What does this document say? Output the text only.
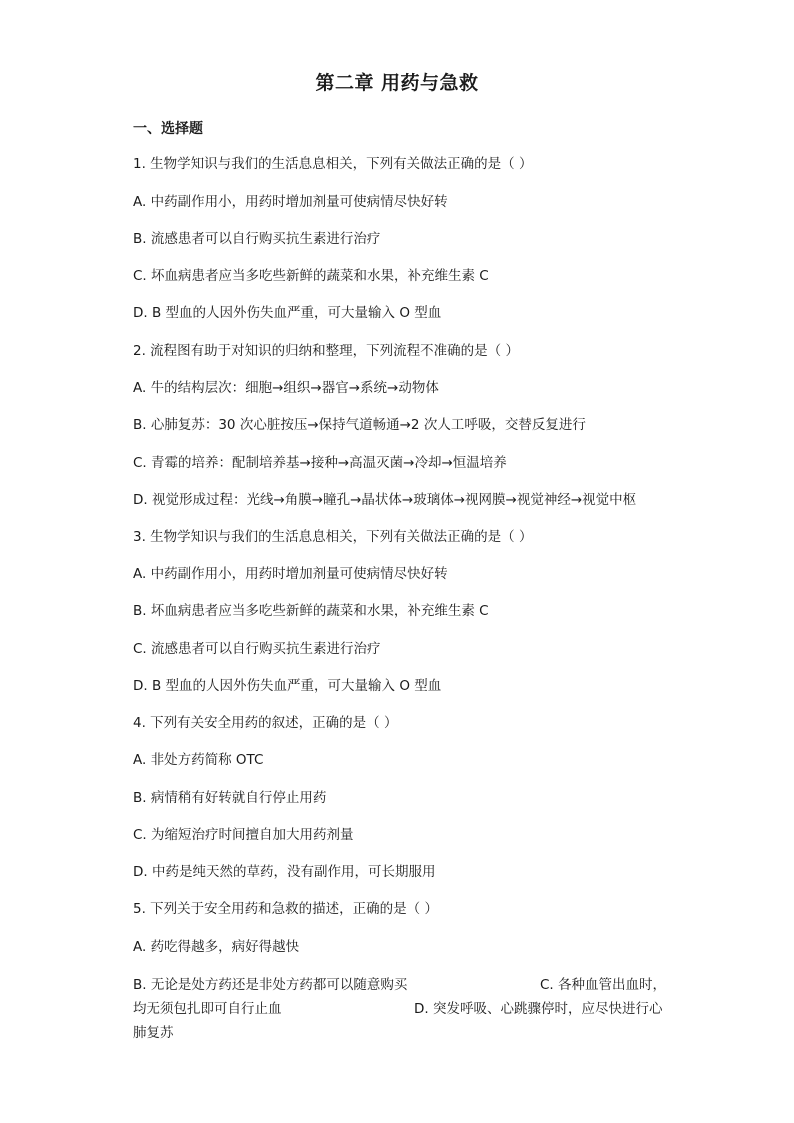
第二章 用药与急救
一、选择题
1. 生物学知识与我们的生活息息相关，下列有关做法正确的是（ ）
A. 中药副作用小，用药时增加剂量可使病情尽快好转
B. 流感患者可以自行购买抗生素进行治疗
C. 坏血病患者应当多吃些新鲜的蔬菜和水果，补充维生素 C
D. B 型血的人因外伤失血严重，可大量输入 O 型血
2. 流程图有助于对知识的归纳和整理，下列流程不准确的是（ ）
A. 牛的结构层次：细胞→组织→器官→系统→动物体
B. 心肺复苏：30 次心脏按压→保持气道畅通→2 次人工呼吸，交替反复进行
C. 青霉的培养：配制培养基→接种→高温灭菌→冷却→恒温培养
D. 视觉形成过程：光线→角膜→瞳孔→晶状体→玻璃体→视网膜→视觉神经→视觉中枢
3. 生物学知识与我们的生活息息相关，下列有关做法正确的是（ ）
A. 中药副作用小，用药时增加剂量可使病情尽快好转
B. 坏血病患者应当多吃些新鲜的蔬菜和水果，补充维生素 C
C. 流感患者可以自行购买抗生素进行治疗
D. B 型血的人因外伤失血严重，可大量输入 O 型血
4. 下列有关安全用药的叙述，正确的是（ ）
A. 非处方药简称 OTC
B. 病情稍有好转就自行停止用药
C. 为缩短治疗时间擅自加大用药剂量
D. 中药是纯天然的草药，没有副作用，可长期服用
5. 下列关于安全用药和急救的描述，正确的是（ ）
A. 药吃得越多，病好得越快
B. 无论是处方药还是非处方药都可以随意购买	C. 各种血管出血时，
均无须包扎即可自行止血	D. 突发呼吸、心跳骤停时，应尽快进行心
肺复苏
